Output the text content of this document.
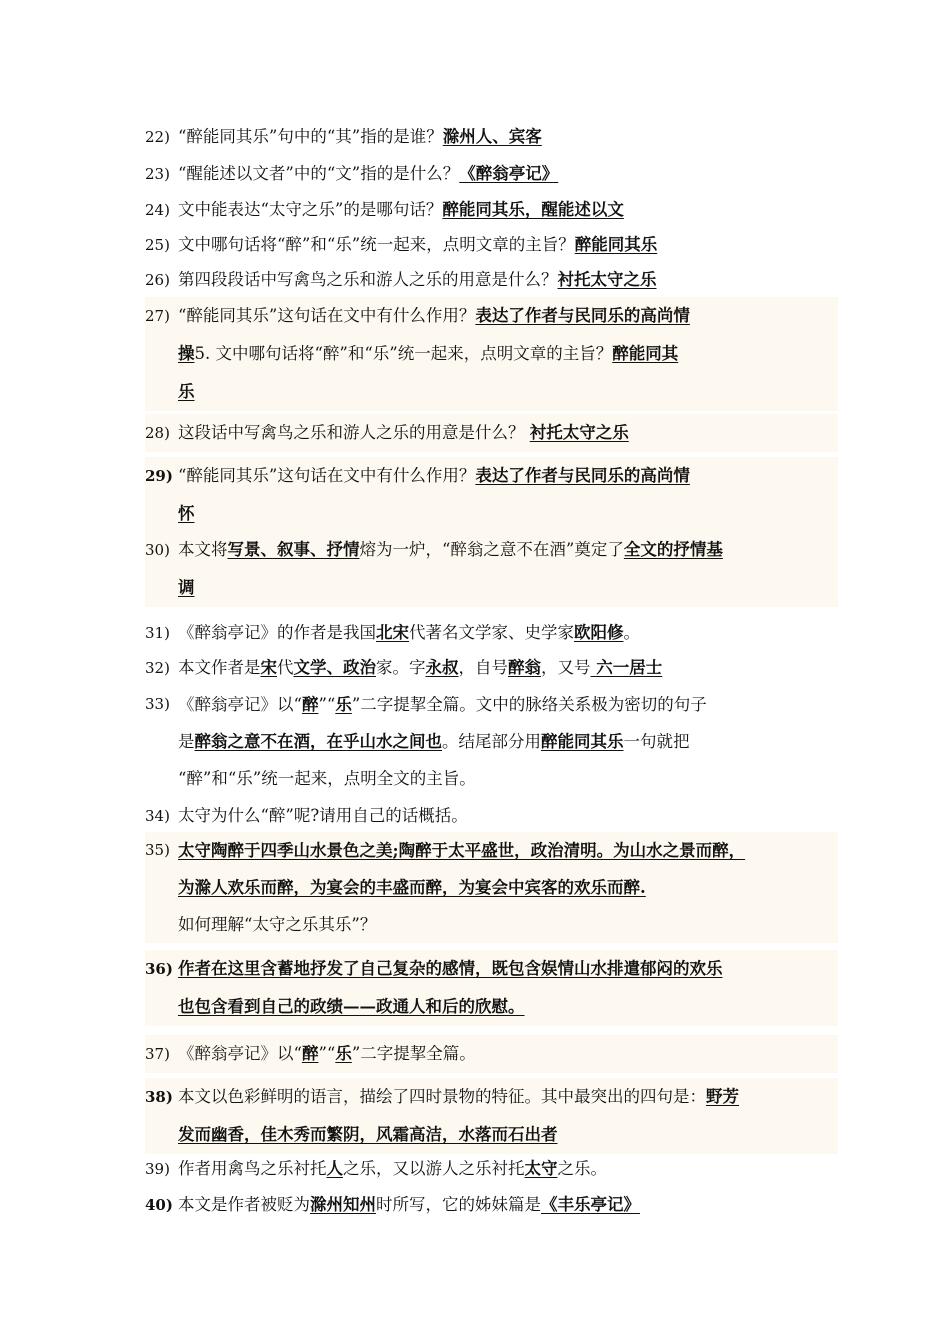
22) “醉能同其乐”句中的“其”指的是谁？滁州人、宾客
23) “醒能述以文者”中的“文”指的是什么？《醉翁亭记》
24) 文中能表达“太守之乐”的是哪句话？醉能同其乐，醒能述以文
25) 文中哪句话将“醉”和“乐”统一起来，点明文章的主旨？醉能同其乐
26) 第四段段话中写禽鸟之乐和游人之乐的用意是什么？衬托太守之乐
27) “醉能同其乐”这句话在文中有什么作用？表达了作者与民同乐的高尚情
操5. 文中哪句话将“醉”和“乐”统一起来，点明文章的主旨？醉能同其
乐
28) 这段话中写禽鸟之乐和游人之乐的用意是什么？ 衬托太守之乐
29) “醉能同其乐”这句话在文中有什么作用？表达了作者与民同乐的高尚情
怀
30) 本文将写景、叙事、抒情熔为一炉，“醉翁之意不在酒”奠定了全文的抒情基
调
31) 《醉翁亭记》的作者是我国北宋代著名文学家、史学家欧阳修。
32) 本文作者是宋代文学、政治家。字永叔，自号醉翁，又号 六一居士
33) 《醉翁亭记》以“醉”“乐”二字提挈全篇。文中的脉络关系极为密切的句子
是醉翁之意不在酒，在乎山水之间也。结尾部分用醉能同其乐一句就把
“醉”和“乐”统一起来，点明全文的主旨。
34) 太守为什么“醉”呢?请用自己的话概括。
35) 太守陶醉于四季山水景色之美;陶醉于太平盛世，政治清明。为山水之景而醉，
为滁人欢乐而醉，为宴会的丰盛而醉，为宴会中宾客的欢乐而醉.
如何理解“太守之乐其乐”？
36) 作者在这里含蓄地抒发了自己复杂的感情，既包含娱情山水排遣郁闷的欢乐
也包含看到自己的政绩——政通人和后的欣慰。
37) 《醉翁亭记》以“醉”“乐”二字提挈全篇。
38) 本文以色彩鲜明的语言，描绘了四时景物的特征。其中最突出的四句是：野芳
发而幽香，佳木秀而繁阴，风霜高洁，水落而石出者
39) 作者用禽鸟之乐衬托人之乐，又以游人之乐衬托太守之乐。
40) 本文是作者被贬为滁州知州时所写，它的姊妹篇是《丰乐亭记》
